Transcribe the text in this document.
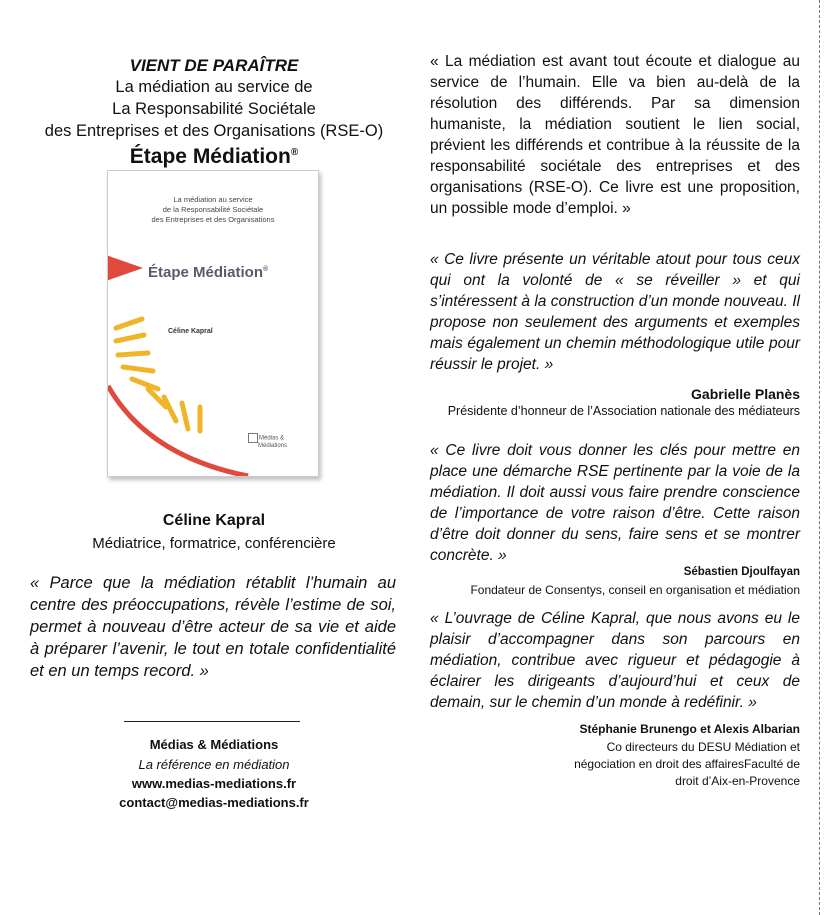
VIENT DE PARAÎTRE
La médiation au service de
La Responsabilité Sociétale
des Entreprises et des Organisations (RSE-O)
Étape Médiation®
La médiation au service
de la Responsabilité Sociétale
des Entreprises et des Organisations
Étape Médiation®
Céline Kapral
Médias &
Médiations
Céline Kapral
Médiatrice, formatrice, conférencière
« Parce que la médiation rétablit l’humain au centre des préoccupations, révèle l’estime de soi, permet à nouveau d’être acteur de sa vie et aide à préparer l’avenir, le tout en totale confidentialité et en un temps record. »
Médias & Médiations
La référence en médiation
www.medias-mediations.fr
contact@medias-mediations.fr
« La médiation est avant tout écoute et dialogue au service de l’humain. Elle va bien au-delà de la résolution des différends. Par sa dimension humaniste, la médiation soutient le lien social, prévient les différends et contribue à la réussite de la responsabilité sociétale des entreprises et des organisations (RSE-O). Ce livre est une proposition, un possible mode d’emploi. »
« Ce livre présente un véritable atout pour tous ceux qui ont la volonté de « se réveiller » et qui s’intéressent à la construction d’un monde nouveau. Il propose non seulement des arguments et exemples mais également un chemin méthodologique utile pour réussir le projet. »
Gabrielle Planès
Présidente d’honneur de l’Association nationale des médiateurs
« Ce livre doit vous donner les clés pour mettre en place une démarche RSE pertinente par la voie de la médiation. Il doit aussi vous faire prendre conscience de l’importance de votre raison d’être. Cette raison d’être doit donner du sens, faire sens et se montrer concrète. »
Sébastien Djoulfayan
Fondateur de Consentys, conseil en organisation et médiation
« L’ouvrage de Céline Kapral, que nous avons eu le plaisir d’accompagner dans son parcours en médiation, contribue avec rigueur et pédagogie à éclairer les dirigeants d’aujourd’hui et ceux de demain, sur le chemin d’un monde à redéfinir. »
Stéphanie Brunengo et Alexis Albarian
Co directeurs du DESU Médiation et négociation en droit des affairesFaculté de droit d’Aix-en-Provence
